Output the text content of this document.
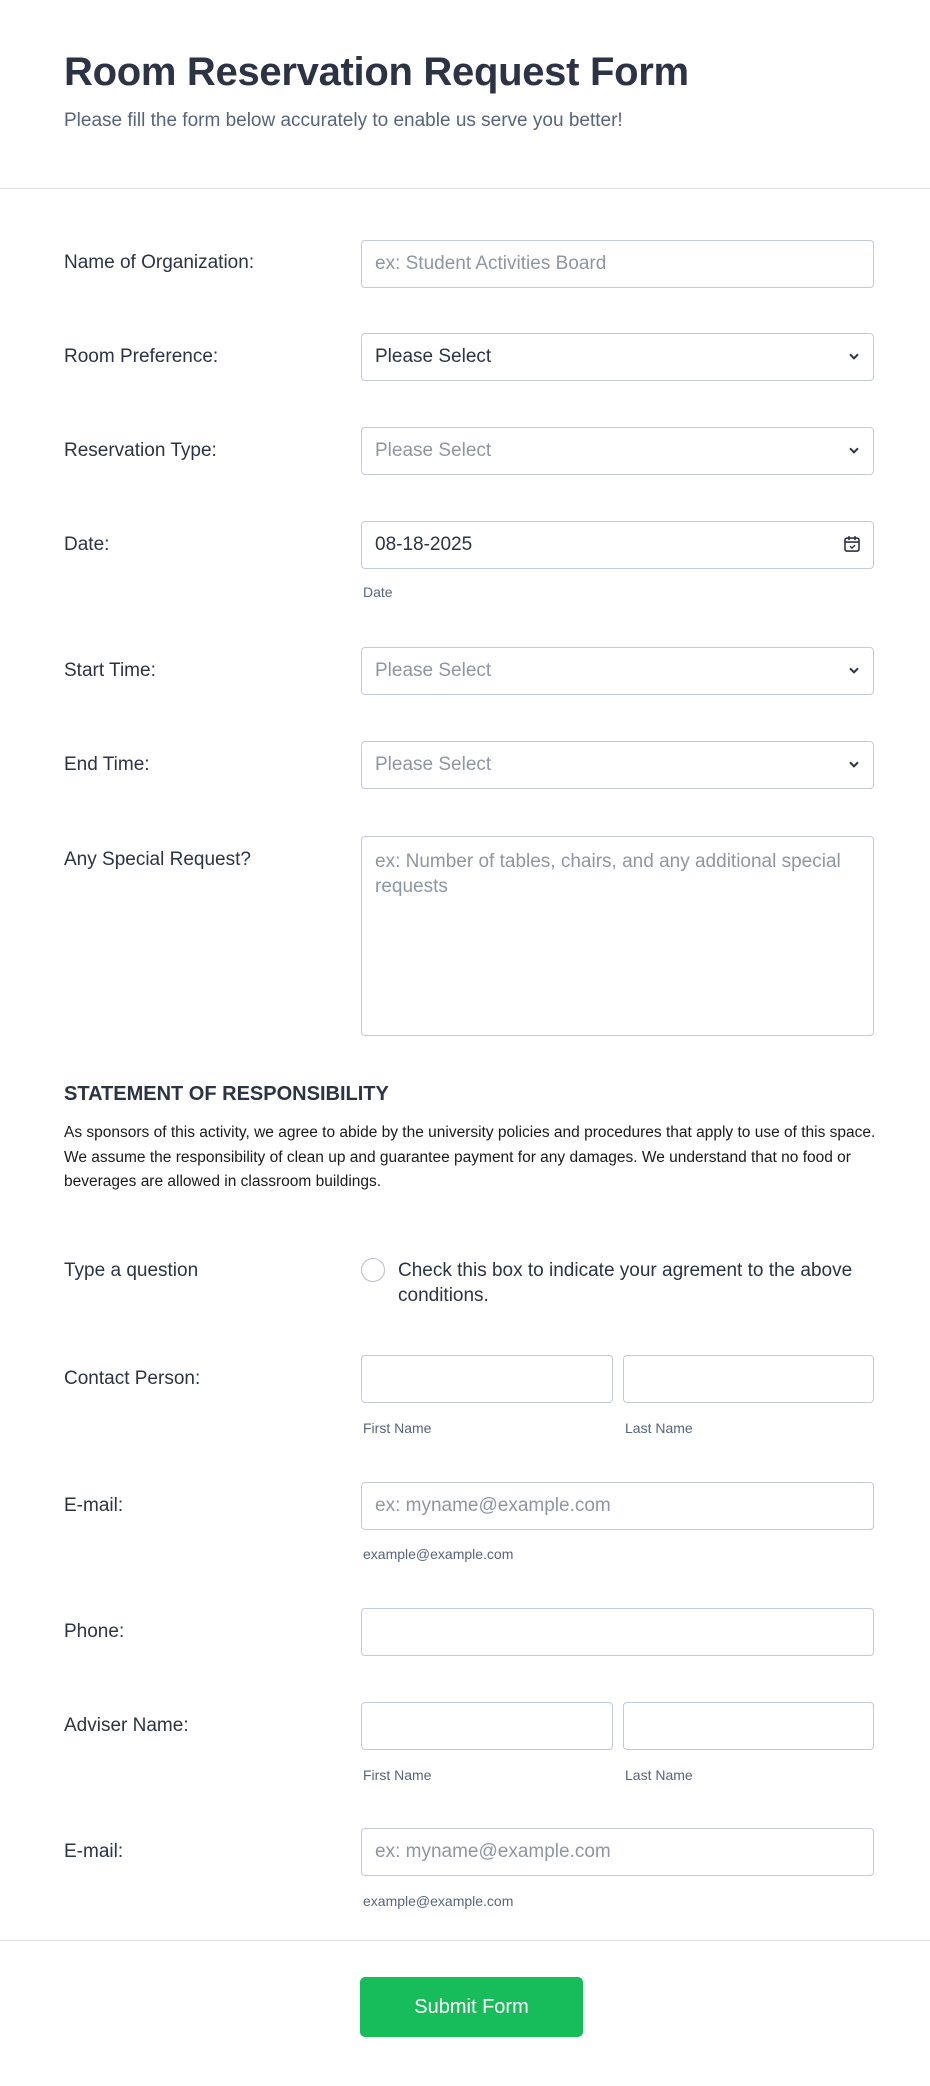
Room Reservation Request Form
Please fill the form below accurately to enable us serve you better!
Name of Organization:
ex: Student Activities Board
Room Preference:	Please Select
Reservation Type:	Please Select
Date:	08-18-2025
Date
Start Time:	Please Select
End Time:	Please Select
Any Special Request?
ex: Number of tables, chairs, and any additional special requests
STATEMENT OF RESPONSIBILITY
As sponsors of this activity, we agree to abide by the university policies and procedures that apply to use of this space. We assume the responsibility of clean up and guarantee payment for any damages. We understand that no food or beverages are allowed in classroom buildings.
Type a question	Check this box to indicate your agrement to the above conditions.
Contact Person:
First Name	Last Name
E-mail:
ex: myname@example.com
example@example.com
Phone:
Adviser Name:
First Name	Last Name
E-mail:
ex: myname@example.com
example@example.com
Submit Form
